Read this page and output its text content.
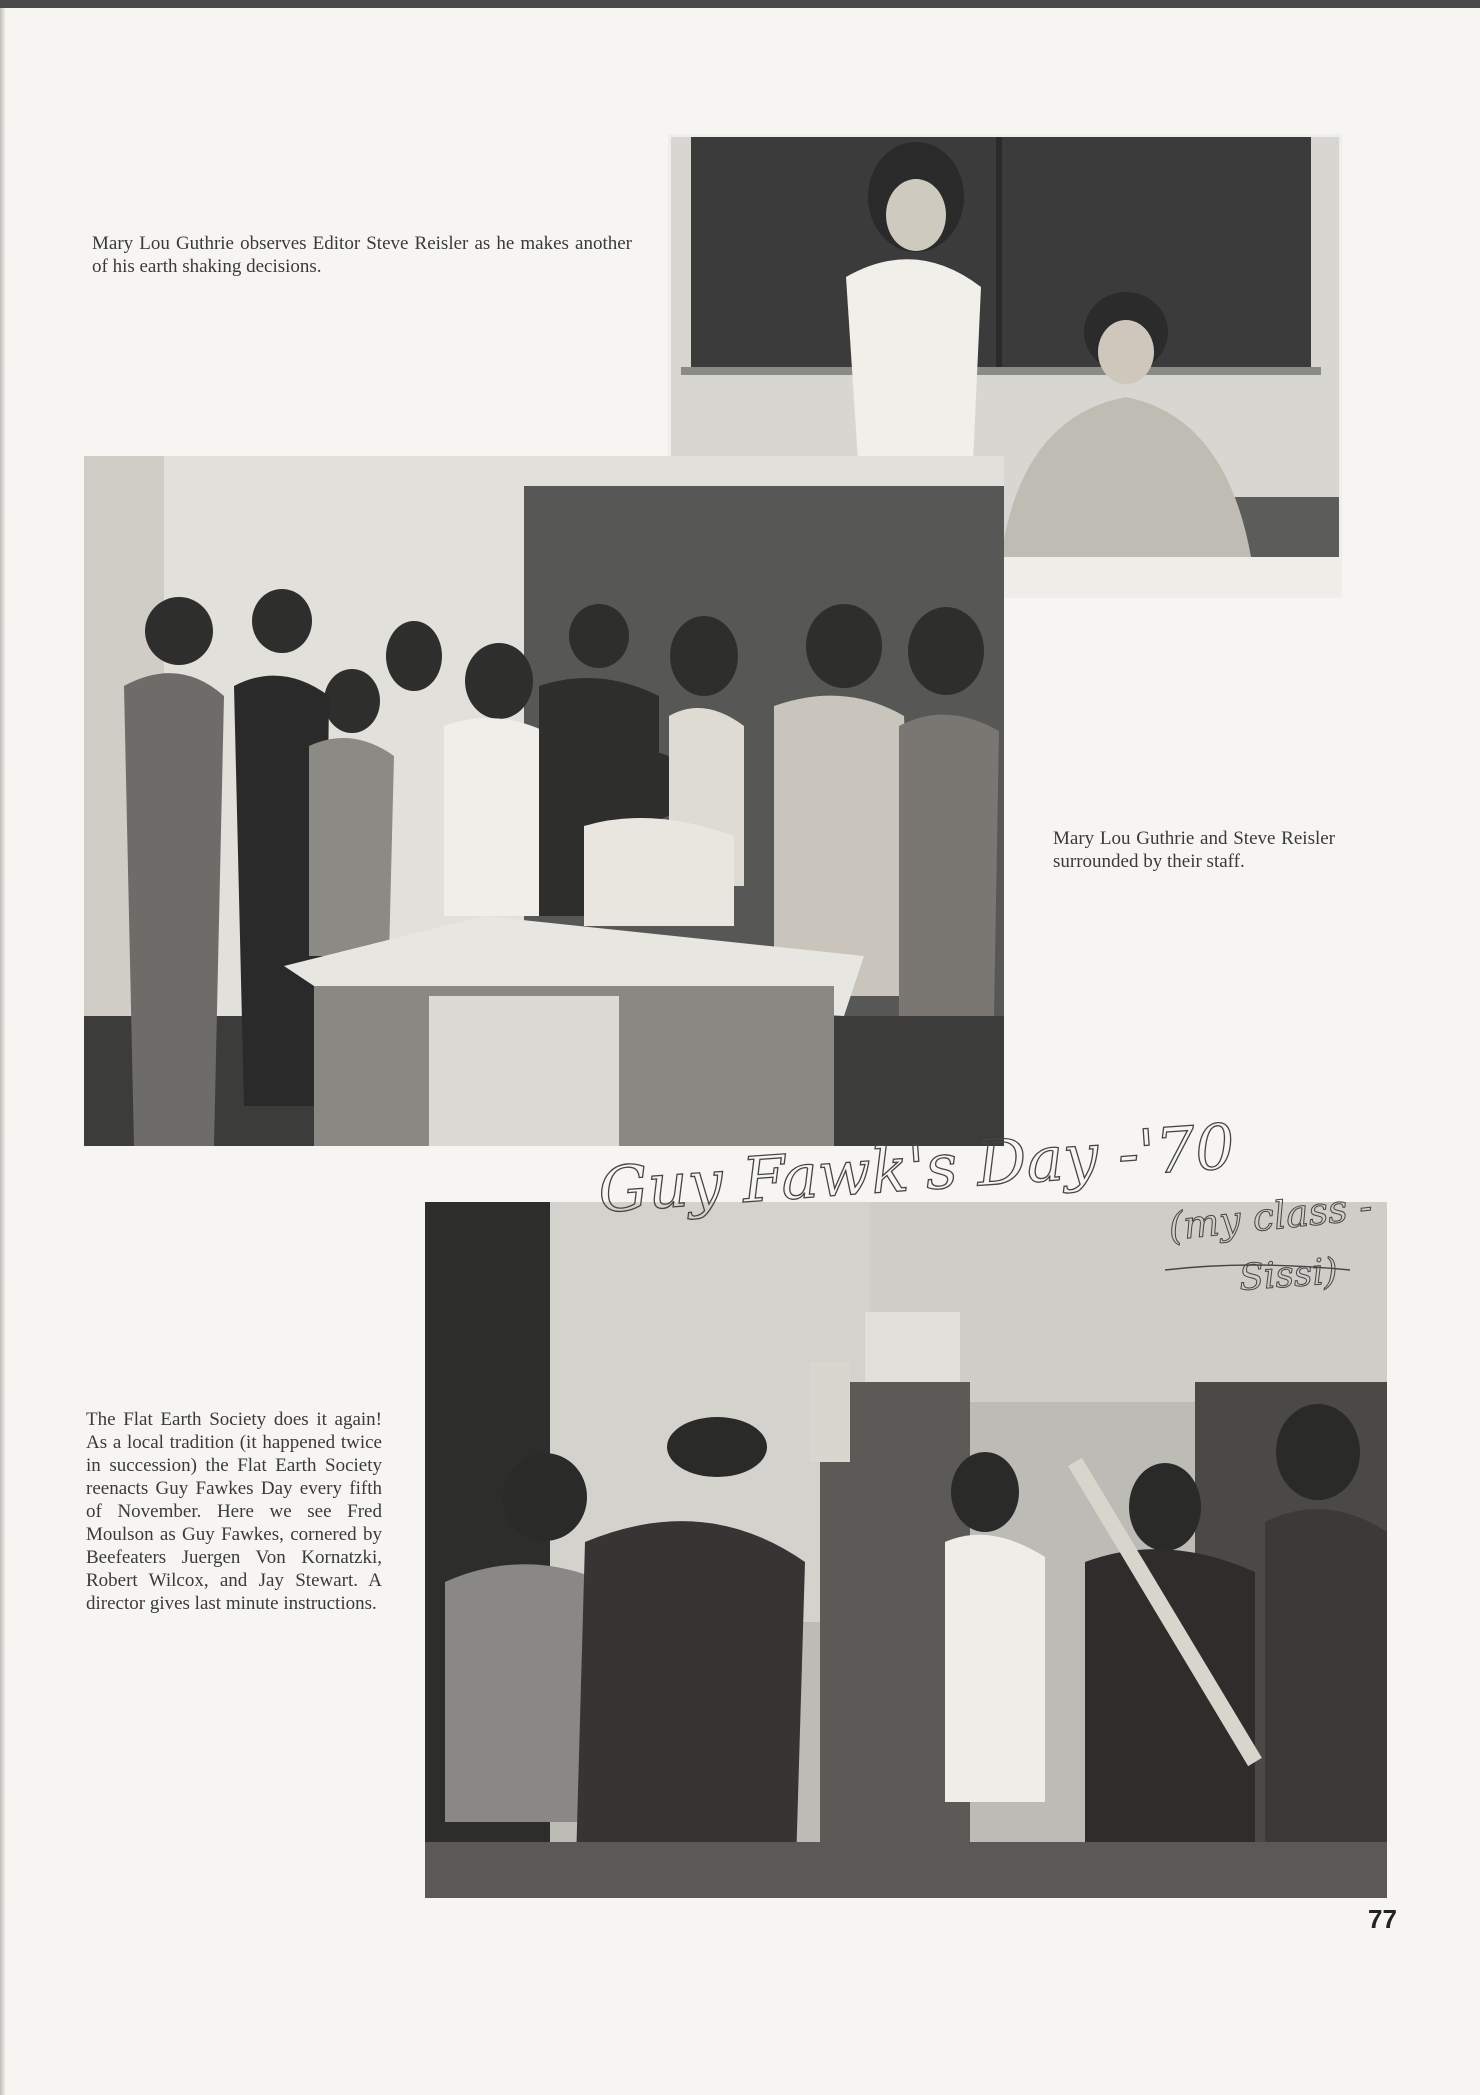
Mary Lou Guthrie observes Editor Steve Reisler as he makes another of his earth shaking decisions.
Mary Lou Guthrie and Steve Reisler surrounded by their staff.
The Flat Earth Society does it again! As a local tradition (it happened twice in succession) the Flat Earth Society reenacts Guy Fawkes Day every fifth of November. Here we see Fred Moulson as Guy Fawkes, cornered by Beefeaters Juergen Von Kornatzki, Robert Wilcox, and Jay Stewart. A director gives last minute instructions.
Guy Fawk's Day -'70
(my class -
Sissi)
77
